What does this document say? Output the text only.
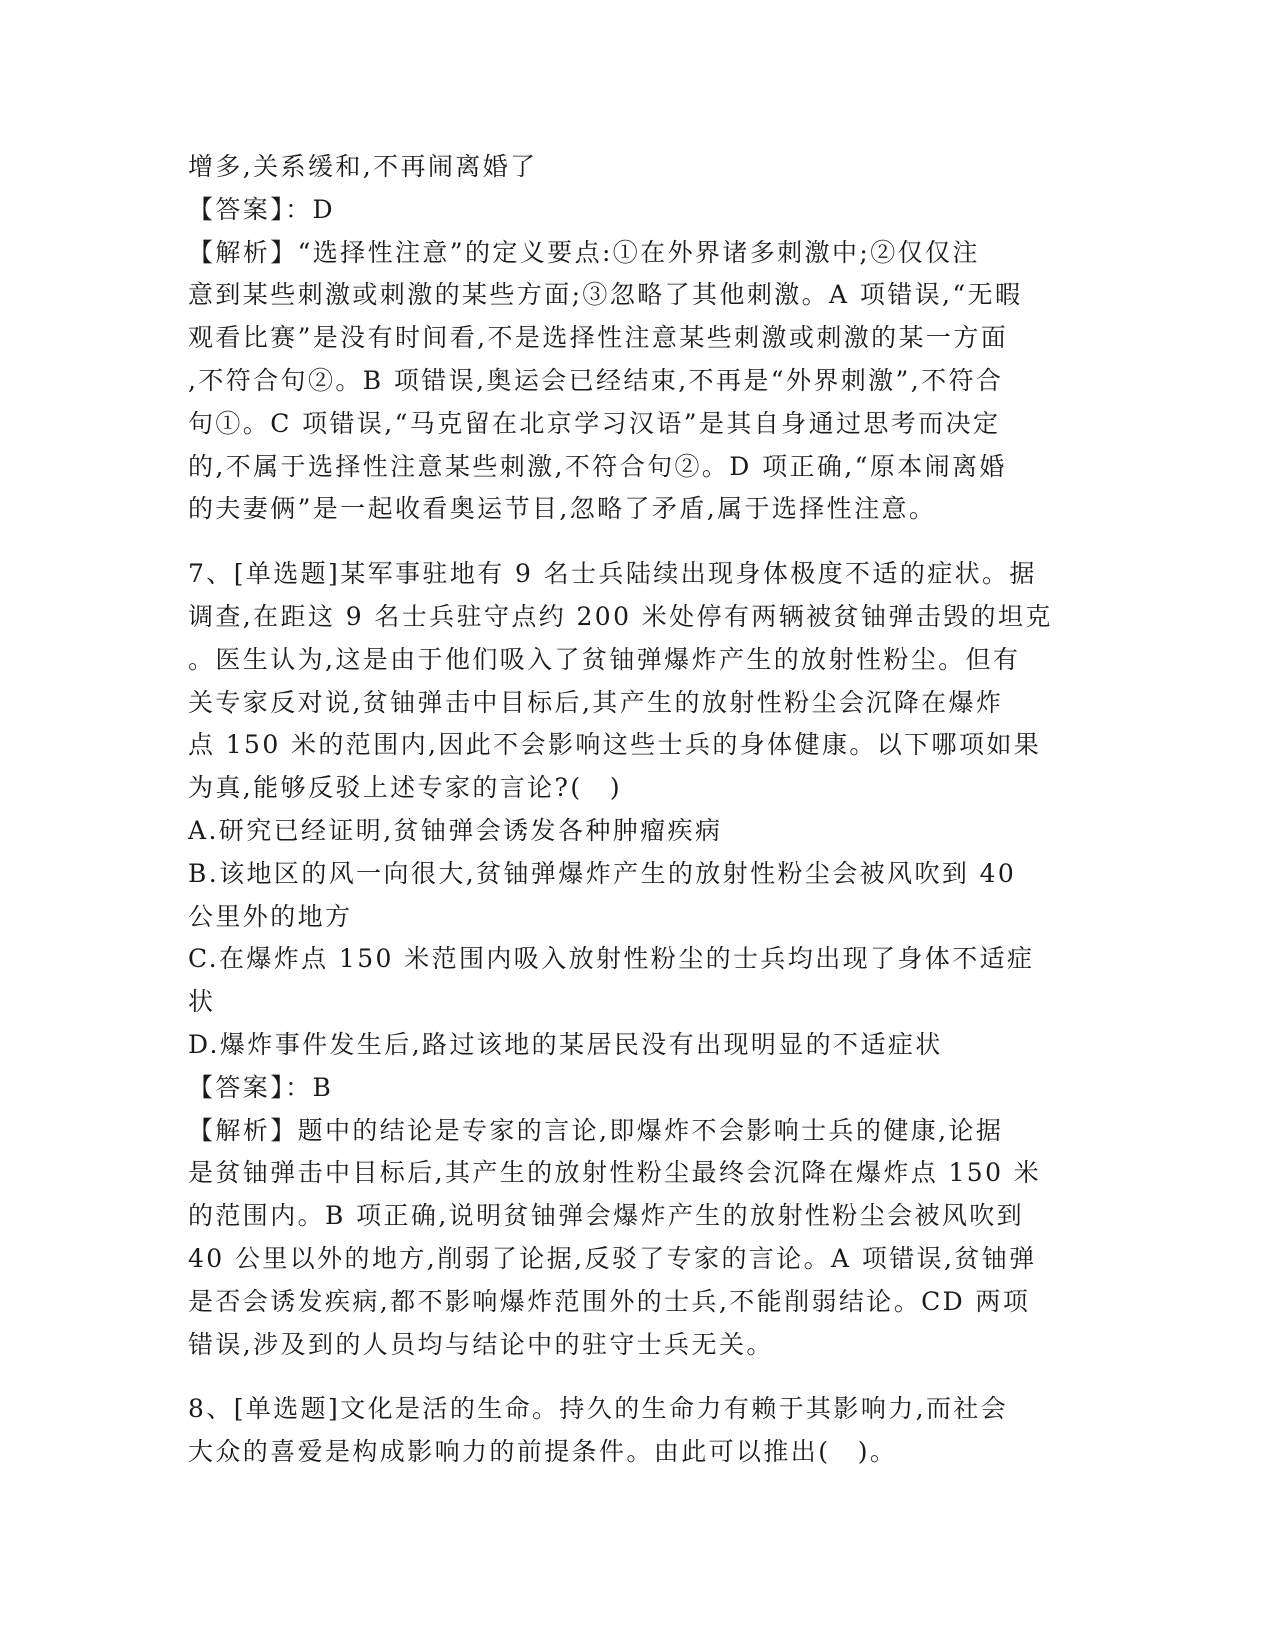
增多,关系缓和,不再闹离婚了
【答案】：D
【解析】“选择性注意”的定义要点:①在外界诸多刺激中;②仅仅注
意到某些刺激或刺激的某些方面;③忽略了其他刺激。A 项错误,“无暇
观看比赛”是没有时间看,不是选择性注意某些刺激或刺激的某一方面
,不符合句②。B 项错误,奥运会已经结束,不再是“外界刺激”,不符合
句①。C 项错误,“马克留在北京学习汉语”是其自身通过思考而决定
的,不属于选择性注意某些刺激,不符合句②。D 项正确,“原本闹离婚
的夫妻俩”是一起收看奥运节目,忽略了矛盾,属于选择性注意。
7、[单选题]某军事驻地有 9 名士兵陆续出现身体极度不适的症状。据
调查,在距这 9 名士兵驻守点约 200 米处停有两辆被贫铀弹击毁的坦克
。医生认为,这是由于他们吸入了贫铀弹爆炸产生的放射性粉尘。但有
关专家反对说,贫铀弹击中目标后,其产生的放射性粉尘会沉降在爆炸
点 150 米的范围内,因此不会影响这些士兵的身体健康。以下哪项如果
为真,能够反驳上述专家的言论?(　)
A.研究已经证明,贫铀弹会诱发各种肿瘤疾病
B.该地区的风一向很大,贫铀弹爆炸产生的放射性粉尘会被风吹到 40
公里外的地方
C.在爆炸点 150 米范围内吸入放射性粉尘的士兵均出现了身体不适症
状
D.爆炸事件发生后,路过该地的某居民没有出现明显的不适症状
【答案】：B
【解析】题中的结论是专家的言论,即爆炸不会影响士兵的健康,论据
是贫铀弹击中目标后,其产生的放射性粉尘最终会沉降在爆炸点 150 米
的范围内。B 项正确,说明贫铀弹会爆炸产生的放射性粉尘会被风吹到
40 公里以外的地方,削弱了论据,反驳了专家的言论。A 项错误,贫铀弹
是否会诱发疾病,都不影响爆炸范围外的士兵,不能削弱结论。CD 两项
错误,涉及到的人员均与结论中的驻守士兵无关。
8、[单选题]文化是活的生命。持久的生命力有赖于其影响力,而社会
大众的喜爱是构成影响力的前提条件。由此可以推出(　)。
